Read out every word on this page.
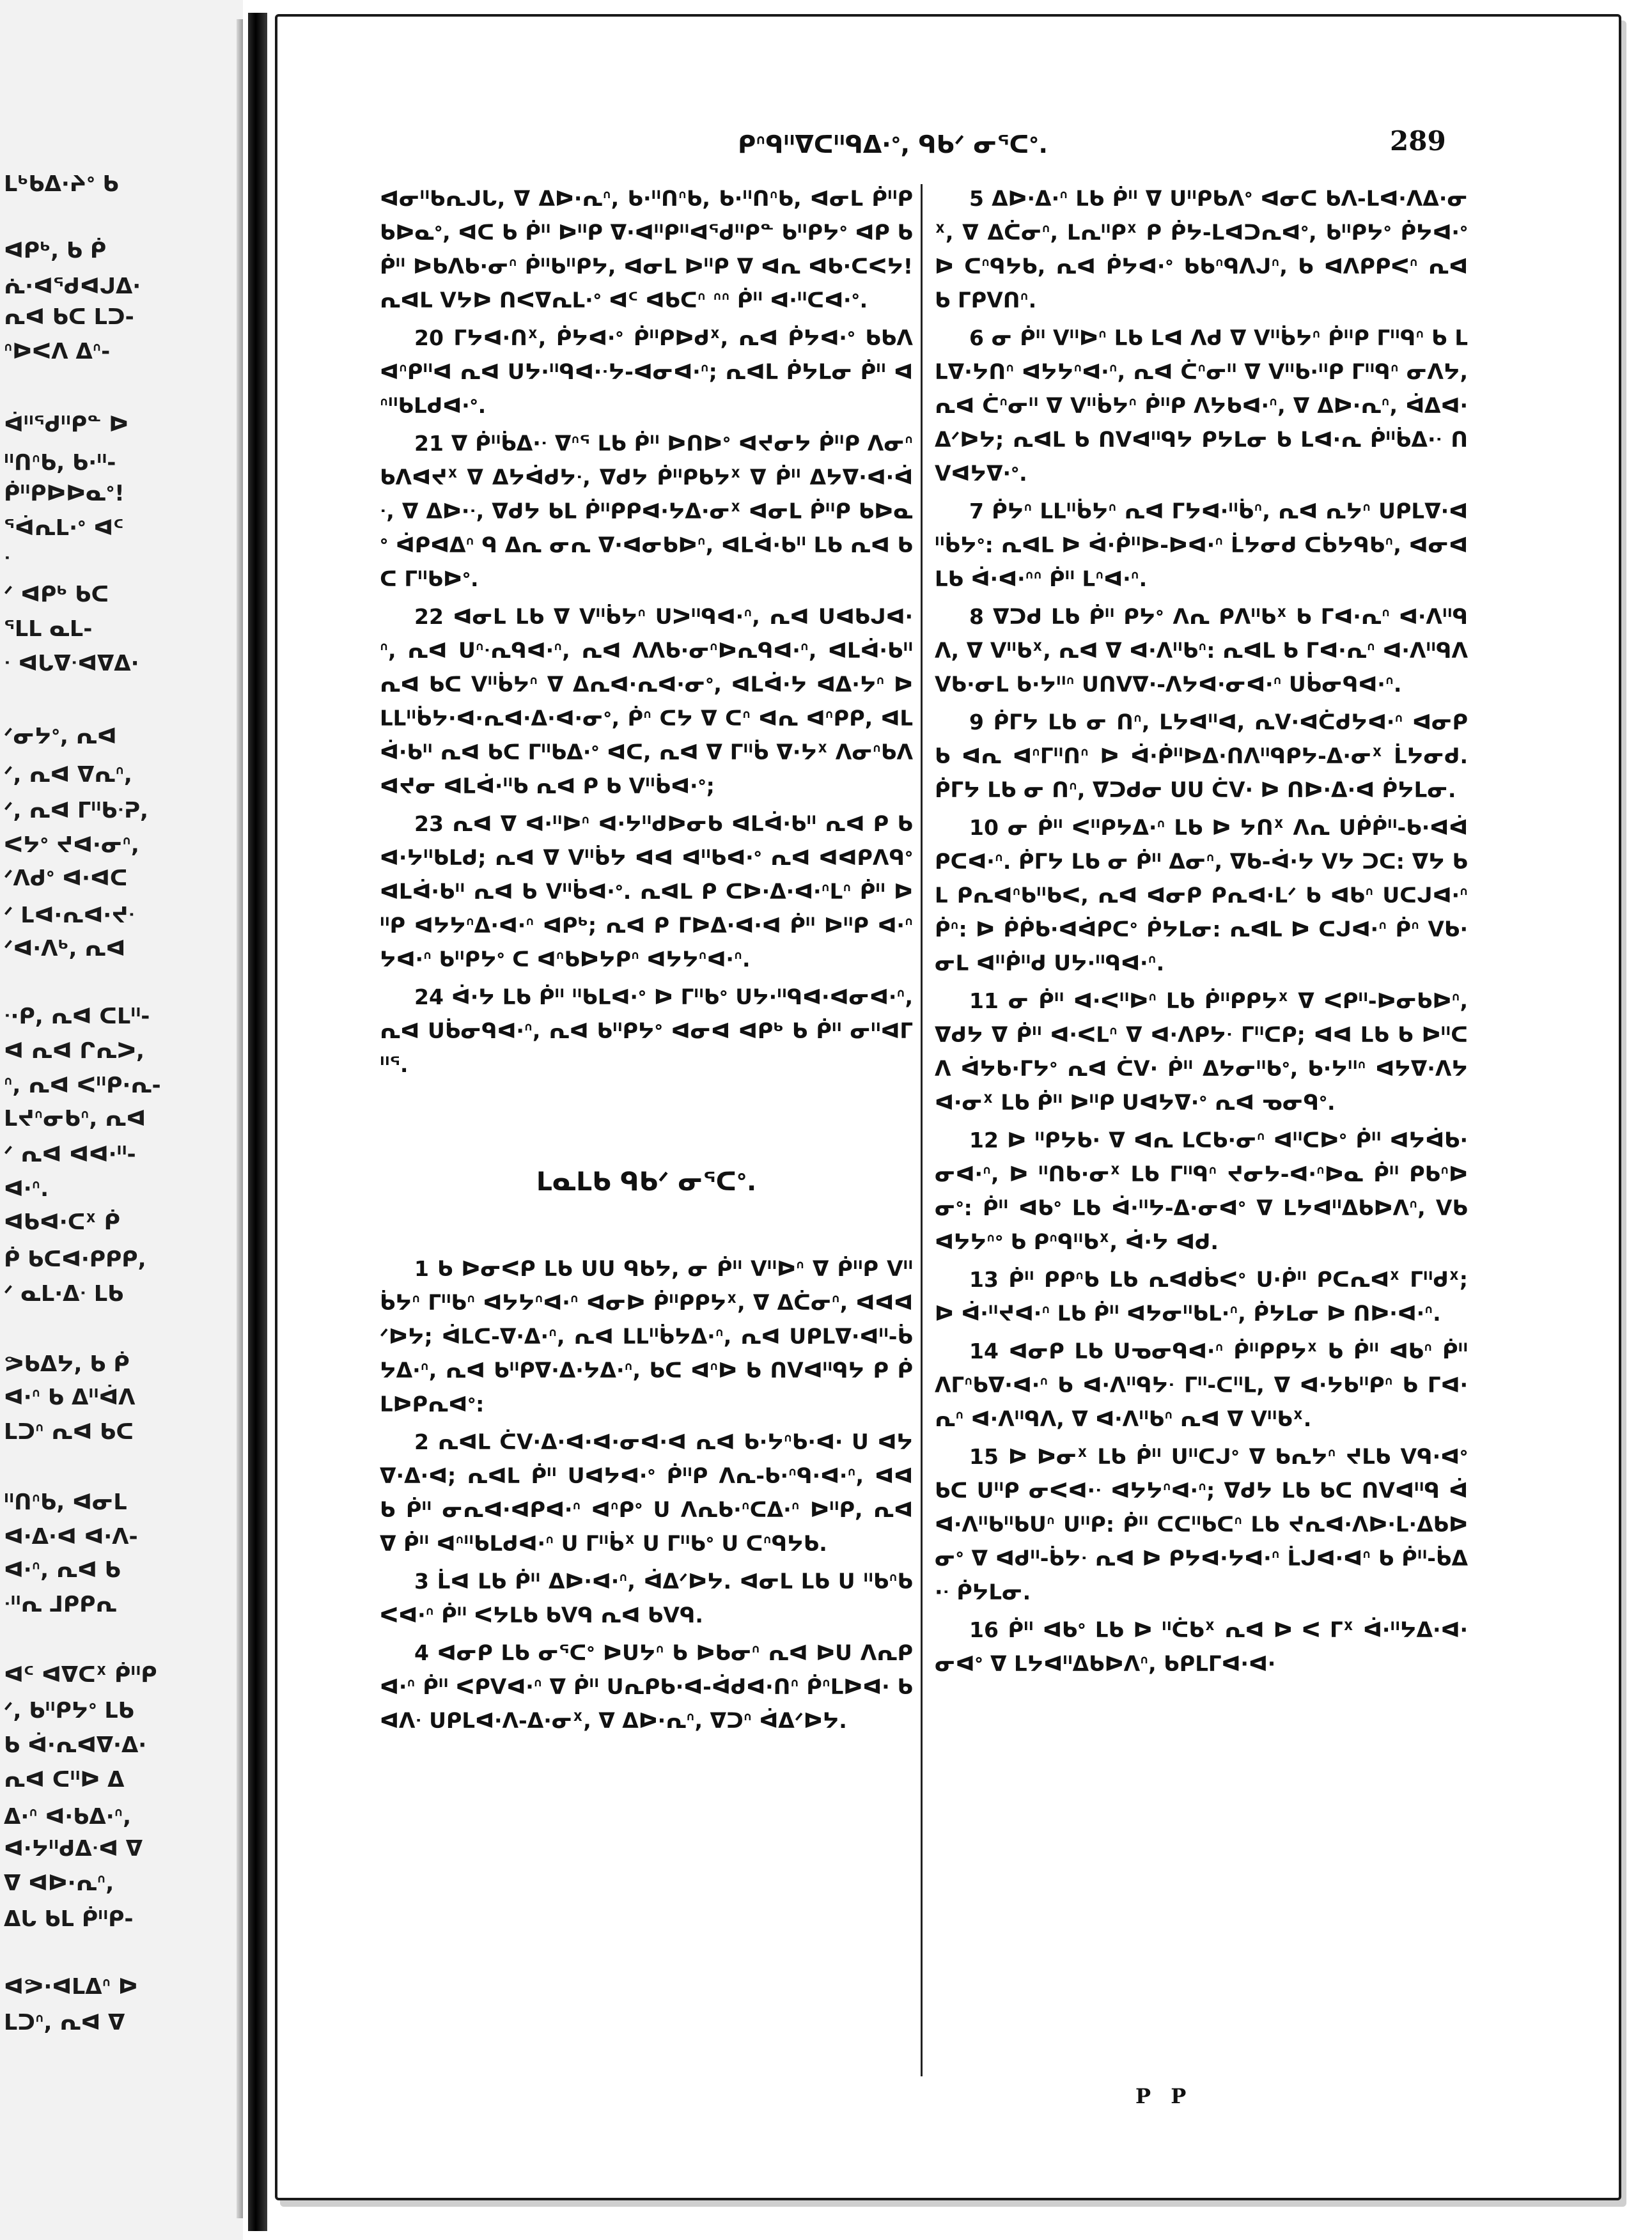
ᒪᒃᑲᐃ·ᔨᐤ ᑲ
ᐊᑭᒃ, ᑲ ᑮ
ᕇ·ᐊᕐᑯᐊᒍᐃ·
ᕆᐊ ᑲᑕ ᒪᑐ-
ᐢᐅᐸᐱ ᐃᐢ-
ᐋᐦᕐᑯᐦᑭᓐ ᐅ
ᐦᑎᐢᑲ, ᑲ·ᐦ-
ᑮᐦᑭᐅᐅᓇᐤ!
ᕐᐋᕆᒪ·ᐤ ᐊᑦ
ᐧ
ᐟ ᐊᑭᒃ ᑲᑕ
ᕐᒪᒪ ᓇᒪ-
ᐧ ᐊᒐᐁᐧᐊᐁᐃ·
ᐟᓂᔭᐤ, ᕆᐊ
ᐟ, ᕆᐊ ᐁᕆᐢ,
ᐟ, ᕆᐊ ᒥᐦᑲᐧᕈ,
ᐸᔭᐤ ᔪᐊ·ᓂᐢ,
ᐟᐱᑯᐤ ᐊ·ᐊᑕ
ᐟ ᒪᐊ·ᕆᐊ·ᔪᐧ
ᐟᐊ·ᐱᒃ, ᕆᐊ
ᐧ·ᑭ, ᕆᐊ ᑕᒪᐦ-
ᐊ ᕆᐊ ᒋᕆᐳ,
ᐢ, ᕆᐊ ᐸᐦᑭ·ᕆ-
ᒪᔪᐢᓂᑲᐢ, ᕆᐊ
ᐟ ᕆᐊ ᐊᐊ·ᐦ-
ᐊ·ᐢ.
ᐊᑲᐊ·ᑕᕽ ᑮ
ᑮ ᑲᑕᐊ·ᑭᑭᑭ,
ᐟ ᓇᒪ·ᐃᐧ ᒪᑲ
ᕗᑲᐃᔭ, ᑲ ᑮ
ᐊ·ᐢ ᑲ ᐃᐦᐋᐱ
ᒪᑐᐢ ᕆᐊ ᑲᑕ
ᐦᑎᐢᑲ, ᐊᓂᒪ
ᐊ·ᐃ·ᐊ ᐊ·ᐱ-
ᐊ·ᐢ, ᕆᐊ ᑲ
ᐧᐦᕆ ᒧᑭᑭᕆ
ᐊᑦ ᐊᐁᑕᕽ ᑮᐦᑭ
ᐟ, ᑲᐦᑭᔭᐤ ᒪᑲ
ᑲ ᐋ·ᕆᐊᐁ·ᐃ·
ᕆᐊ ᑕᐦᐅ ᐃ
ᐃ·ᐢ ᐊ·ᑲᐃ·ᐢ,
ᐊ·ᔭᐦᑯᐃᐧᐊ ᐁ
ᐁ ᐊᐅ·ᕆᐢ,
ᐃᒐ ᑲᒪ ᑮᐦᑭ-
ᐊᕗ·ᐊᒪᐃᐢ ᐅ
ᒪᑐᐢ, ᕆᐊ ᐁ
ᑭᐢᑫᐦᐁᑕᐦᑫᐃ·ᐤ, ᑫᑲᐟ ᓂᕐᑕᐤ.	289

ᐊᓂᐦᑲᕆᒍᒐ, ᐁ ᐃᐅ·ᕆᐢ, ᑲ·ᐦᑎᐢᑲ, ᑲ·ᐦᑎᐢᑲ, ᐊᓂᒪ ᑮᐦᑭ ᑲᐅᓇᐤ, ᐊᑕ ᑲ ᑮᐦ ᐅᐦᑭ ᐁ·ᐊᐦᑭᐦᐊᕐᑯᐦᑭᓐ ᑲᐦᑭᔭᐤ ᐊᑭ ᑲ ᑮᐦ ᐅᑲᐱᑲ·ᓂᐢ ᑮᐦᑲᐦᑭᔭ, ᐊᓂᒪ ᐅᐦᑭ ᐁ ᐊᕆ ᐊᑲ·ᑕᐸᔭ! ᕆᐊᒪ ᐯᔭᐅ ᑎᐸᐁᕆᒪ·ᐤ ᐊᑦ ᐊᑲᑕᐢ ᐢᐢ ᑮᐦ ᐊ·ᐦᑕᐊ·ᐤ.

20 ᒥᔭᐊ·ᑎᕽ, ᑮᔭᐊ·ᐤ ᑮᐦᑭᐅᑯᕽ, ᕆᐊ ᑮᔭᐊ·ᐤ ᑲᑲᐱ ᐊᐢᑭᐦᐊ ᕆᐊ ᑌᔭ·ᐦᑫᐊ·ᐧᔭ-ᐊᓂᐊ·ᐢ; ᕆᐊᒪ ᑮᔭᒪᓂ ᑮᐦ ᐊᐢᐦᑲᒪᑯᐊ·ᐤ.

21 ᐁ ᑮᐦᑳᐃ·ᐧ ᐁᐢᕐ ᒪᑲ ᑮᐦ ᐅᑎᐅᐤ ᐊᔪᓂᔭ ᑮᐦᑭ ᐱᓂᐢᑲᐱᐊᔪᕽ ᐁ ᐃᔭᐋᑯᔭᐧ, ᐁᑯᔭ ᑮᐦᑭᑲᔭᕽ ᐁ ᑮᐦ ᐃᔭᐁ·ᐊ·ᐋᐧ, ᐁ ᐃᐅ·ᐧ, ᐁᑯᔭ ᑲᒪ ᑮᐦᑭᑭᐊ·ᔭᐃ·ᓂᕽ ᐊᓂᒪ ᑮᐦᑭ ᑲᐅᓇᐤ ᐋᑭᐊᐃᐢ ᑫ ᐃᕆ ᓂᕆ ᐁ·ᐊᓂᑲᐅᐢ, ᐊᒪᐋ·ᑲᐦ ᒪᑲ ᕆᐊ ᑲᑕ ᒥᐦᑲᐅᐤ.

22 ᐊᓂᒪ ᒪᑲ ᐁ ᐯᐦᑳᔭᐢ ᑌᐳᐦᑫᐊ·ᐢ, ᕆᐊ ᑌᐊᑲᒍᐊ·ᐢ, ᕆᐊ ᑌᐢᐧᕆᑫᐊ·ᐢ, ᕆᐊ ᐱᐱᑲ·ᓂᐢᐅᕆᑫᐊ·ᐢ, ᐊᒪᐋ·ᑲᐦ ᕆᐊ ᑲᑕ ᐯᐦᑳᔭᐢ ᐁ ᐃᕆᐊ·ᕆᐊ·ᓂᐤ, ᐊᒪᐋ·ᔭ ᐊᐃ·ᔭᐢ ᐅ ᒪᒪᐦᑳᔭ·ᐊ·ᕆᐊ·ᐃ·ᐊ·ᓂᐤ, ᑮᐢ ᑕᔭ ᐁ ᑕᐢ ᐊᕆ ᐊᐢᑭᑭ, ᐊᒪᐋ·ᑲᐦ ᕆᐊ ᑲᑕ ᒥᐦᑲᐃ·ᐤ ᐊᑕ, ᕆᐊ ᐁ ᒥᐦᑳ ᐁ·ᔭᕽ ᐱᓂᐢᑲᐱᐊᔪᓂ ᐊᒪᐋ·ᐦᑲ ᕆᐊ ᑭ ᑲ ᐯᐦᑳᐊ·ᐤ;

23 ᕆᐊ ᐁ ᐊ·ᐦᐅᐢ ᐊ·ᔭᐦᑯᐅᓂᑲ ᐊᒪᐋ·ᑲᐦ ᕆᐊ ᑭ ᑲ ᐊ·ᔭᐦᑲᒪᑯ; ᕆᐊ ᐁ ᐯᐦᑳᔭ ᐊᐊ ᐊᐦᑲᐊ·ᐤ ᕆᐊ ᐊᐊᑭᐱᑫᐤ ᐊᒪᐋ·ᑲᐦ ᕆᐊ ᑲ ᐯᐦᑳᐊ·ᐤ. ᕆᐊᒪ ᑭ ᑕᐅ·ᐃ·ᐊ·ᐢᒪᐢ ᑮᐦ ᐅᐦᑭ ᐊᔭᔭᐢᐃ·ᐊ·ᐢ ᐊᑭᒃ; ᕆᐊ ᑭ ᒥᐅᐃ·ᐊ·ᐊ ᑮᐦ ᐅᐦᑭ ᐊ·ᐢᔭᐊ·ᐢ ᑲᐦᑭᔭᐤ ᑕ ᐊᐢᑲᐅᔭᑭᐢ ᐊᔭᔭᐢᐊ·ᐢ.

24 ᐋ·ᔭ ᒪᑲ ᑮᐦ ᐦᑲᒪᐊ·ᐤ ᐅ ᒥᐦᑲᐤ ᑌᔭ·ᐦᑫᐊ·ᐊᓂᐊ·ᐢ, ᕆᐊ ᑌᑳᓂᑫᐊ·ᐢ, ᕆᐊ ᑲᐦᑭᔭᐤ ᐊᓂᐊ ᐊᑭᒃ ᑲ ᑮᐦ ᓂᐦᐊᒥᐦᕐ.

ᒪᓇᒪᑲ ᑫᑲᐟ ᓂᕐᑕᐤ.

1 ᑲ ᐅᓂᐸᑭ ᒪᑲ ᑌᑌ ᑫᑲᔭ, ᓂ ᑮᐦ ᐯᐦᐅᐢ ᐁ ᑮᐦᑭ ᐯᐦᑳᔭᐢ ᒥᐦᑲᐢ ᐊᔭᔭᐢᐊ·ᐢ ᐊᓂᐅ ᑮᐦᑭᑭᔭᕽ, ᐁ ᐃᑖᓂᐢ, ᐊᐊᐊᐟᐅᔭ; ᐋᒪᑕ-ᐁ·ᐃ·ᐢ, ᕆᐊ ᒪᒪᐦᑳᔭᐃ·ᐢ, ᕆᐊ ᑌᑭᒪᐁ·ᐊᐦ-ᑳᔭᐃ·ᐢ, ᕆᐊ ᑲᐦᑭᐁ·ᐃ·ᔭᐃ·ᐢ, ᑲᑕ ᐊᐢᐅ ᑲ ᑎᐯᐊᐦᑫᔭ ᑭ ᑮᒪᐅᑭᕆᐊᐤ:

2 ᕆᐊᒪ ᑖᐯ·ᐃ·ᐊ·ᐊ·ᓂᐊ·ᐊ ᕆᐊ ᑲ·ᔭᐢᑲ·ᐊ· ᑌ ᐊᔭᐁ·ᐃ·ᐊ; ᕆᐊᒪ ᑮᐦ ᑌᐊᔭᐊ·ᐤ ᑮᐦᑭ ᐱᕆ-ᑲ·ᐢᑫ·ᐊ·ᐢ, ᐊᐊ ᑲ ᑮᐦ ᓂᕆᐊ·ᐊᑭᐊ·ᐢ ᐊᐢᑭᐤ ᑌ ᐱᕆᑲ·ᐢᑕᐃ·ᐢ ᐅᐦᑭ, ᕆᐊ ᐁ ᑮᐦ ᐊᐢᐦᑲᒪᑯᐊ·ᐢ ᑌ ᒥᐦᑳᕽ ᑌ ᒥᐦᑲᐤ ᑌ ᑕᐢᑫᔭᑲ.

3 ᒫᐊ ᒪᑲ ᑮᐦ ᐃᐅ·ᐊ·ᐢ, ᐋᐃᐟᐅᔭ. ᐊᓂᒪ ᒪᑲ ᑌ ᐦᑲᐢᑲᐸᐊ·ᐢ ᑮᐦ ᐸᔭᒪᑲ ᑲᐯᑫ ᕆᐊ ᑲᐯᑫ.

4 ᐊᓂᑭ ᒪᑲ ᓂᕐᑕᐤ ᐅᑌᔭᐢ ᑲ ᐅᑲᓂᐢ ᕆᐊ ᐅᑌ ᐱᕆᑭᐊ·ᐢ ᑮᐦ ᐸᑭᐯᐊ·ᐢ ᐁ ᑮᐦ ᑌᕆᑭᑲ·ᐊ-ᐋᑯᐊ·ᑎᐢ ᑮᐢᒪᐅᐊ· ᑲ ᐊᐱᐧ ᑌᑭᒪᐊ·ᐱ-ᐃ·ᓂᕽ, ᐁ ᐃᐅ·ᕆᐢ, ᐁᑐᐢ ᐋᐃᐟᐅᔭ.

5 ᐃᐅ·ᐃ·ᐢ ᒪᑲ ᑮᐦ ᐁ ᑌᐦᑭᑲᐱᐤ ᐊᓂᑕ ᑲᐱ-ᒪᐊ·ᐱᐃ·ᓂᕽ, ᐁ ᐃᑖᓂᐢ, ᒪᕆᐦᑭᕽ ᑭ ᑮᔭ-ᒪᐊᑐᕆᐊᐤ, ᑲᐦᑭᔭᐤ ᑮᔭᐊ·ᐤ ᐅ ᑕᐢᑫᔭᑲ, ᕆᐊ ᑮᔭᐊ·ᐤ ᑲᑲᐢᑫᐱᒍᐢ, ᑲ ᐊᐱᑭᑭᐸᐢ ᕆᐊ ᑲ ᒥᑭᐯᑎᐢ.

6 ᓂ ᑮᐦ ᐯᐦᐅᐢ ᒪᑲ ᒪᐊ ᐱᑯ ᐁ ᐯᐦᑳᔭᐢ ᑮᐦᑭ ᒥᐦᑫᐢ ᑲ ᒪᒪᐁ·ᔭᑎᐢ ᐊᔭᔭᐢᐊ·ᐢ, ᕆᐊ ᑖᐢᓂᐦ ᐁ ᐯᐦᑲ·ᐦᑭ ᒥᐦᑫᐢ ᓂᐱᔭ, ᕆᐊ ᑖᐢᓂᐦ ᐁ ᐯᐦᑳᔭᐢ ᑮᐦᑭ ᐱᔭᑲᐊ·ᐢ, ᐁ ᐃᐅ·ᕆᐢ, ᐋᐃᐊ·ᐃᐟᐅᔭ; ᕆᐊᒪ ᑲ ᑎᐯᐊᐦᑫᔭ ᑭᔭᒪᓂ ᑲ ᒪᐊ·ᕆ ᑮᐦᑳᐃ·ᐧ ᑎᐯᐊᔭᐁ·ᐤ.

7 ᑮᔭᐢ ᒪᒪᐦᑳᔭᐢ ᕆᐊ ᒥᔭᐊ·ᐦᑳᐢ, ᕆᐊ ᕆᔭᐢ ᑌᑭᒪᐁ·ᐊᐦᑳᔭᐤ: ᕆᐊᒪ ᐅ ᐋ·ᑮᐦᐅ-ᐅᐊ·ᐢ ᒫᔭᓂᑯ ᑕᑳᔭᑫᑲᐢ, ᐊᓂᐊ ᒪᑲ ᐋ·ᐊ·ᐢᐢ ᑮᐦ ᒪᐢᐊ·ᐢ.

8 ᐁᑐᑯ ᒪᑲ ᑮᐦ ᑭᔭᐤ ᐱᕆ ᑭᐱᐦᑲᕽ ᑲ ᒥᐊ·ᕆᐢ ᐊ·ᐱᐦᑫᐱ, ᐁ ᐯᐦᑲᕽ, ᕆᐊ ᐁ ᐊ·ᐱᐦᑲᐢ: ᕆᐊᒪ ᑲ ᒥᐊ·ᕆᐢ ᐊ·ᐱᐦᑫᐱ ᐯᑲ·ᓂᒪ ᑲ·ᔭᐦᐢ ᑌᑎᐯᐁ·-ᐱᔭᐊ·ᓂᐊ·ᐢ ᑌᑳᓂᑫᐊ·ᐢ.

9 ᑮᒥᔭ ᒪᑲ ᓂ ᑎᐢ, ᒪᔭᐊᐦᐊ, ᕆᐯ·ᐊᑖᑯᔭᐊ·ᐢ ᐊᓂᑭ ᑲ ᐊᕆ ᐊᐢᒥᐦᑎᐢ ᐅ ᐋ·ᑮᐦᐅᐃ·ᑎᐱᐦᑫᑭᔭ-ᐃ·ᓂᕽ ᒫᔭᓂᑯ. ᑮᒥᔭ ᒪᑲ ᓂ ᑎᐢ, ᐁᑐᑯᓂ ᑌᑌ ᑖᐯ· ᐅ ᑎᐅ·ᐃ·ᐊ ᑮᔭᒪᓂ.

10 ᓂ ᑮᐦ ᐸᐦᑭᔭᐃ·ᐢ ᒪᑲ ᐅ ᔭᑎᕽ ᐱᕆ ᑌᑮᑮᐦ-ᑲ·ᐊᐋᑭᑕᐊ·ᐢ. ᑮᒥᔭ ᒪᑲ ᓂ ᑮᐦ ᐃᓂᐢ, ᐁᑲ-ᐋ·ᔭ ᐯᔭ ᑐᑕ: ᐁᔭ ᑲᒪ ᑭᕆᐊᐢᑲᐦᑲᐸ, ᕆᐊ ᐊᓂᑭ ᑭᕆᐊ·ᒪᐟ ᑲ ᐊᑲᐢ ᑌᑕᒍᐊ·ᐢ ᑮᐢ: ᐅ ᑮᑮᑲ·ᐊᐋᑭᑕᐤ ᑮᔭᒪᓂ: ᕆᐊᒪ ᐅ ᑕᒍᐊ·ᐢ ᑮᐢ ᐯᑲ·ᓂᒪ ᐊᐦᑮᐦᑯ ᑌᔭ·ᐦᑫᐊ·ᐢ.

11 ᓂ ᑮᐦ ᐊ·ᐸᐦᐅᐢ ᒪᑲ ᑮᐦᑭᑭᔭᕽ ᐁ ᐸᑭᐦ-ᐅᓂᑲᐅᐢ, ᐁᑯᔭ ᐁ ᑮᐦ ᐊ·ᐸᒪᐢ ᐁ ᐊ·ᐱᑭᔭᐧ ᒥᐦᑕᑭ; ᐊᐊ ᒪᑲ ᑲ ᐅᐦᑕᐱ ᐋᔭᑲ·ᒥᔭᐤ ᕆᐊ ᑖᐯ· ᑮᐦ ᐃᔭᓂᐦᑲᐤ, ᑲ·ᔭᐦᐢ ᐊᔭᐁ·ᐱᔭᐊ·ᓂᕽ ᒪᑲ ᑮᐦ ᐅᐦᑭ ᑌᐊᔭᐁ·ᐤ ᕆᐊ ᓀᓂᑫᐤ.

12 ᐅ ᐦᑭᔭᑲ· ᐁ ᐊᕆ ᒪᑕᑲ·ᓂᐢ ᐊᐦᑕᐅᐤ ᑮᐦ ᐊᔭᐋᑲ·ᓂᐊ·ᐢ, ᐅ ᐦᑎᑲ·ᓂᕽ ᒪᑲ ᒥᐦᑫᐢ ᔪᓂᔭ-ᐊ·ᐢᐅᓇ ᑮᐦ ᑭᑲᐢᐅᓂᐤ: ᑮᐦ ᐊᑲᐤ ᒪᑲ ᐋ·ᐦᔭ-ᐃ·ᓂᐊᐤ ᐁ ᒪᔭᐊᐦᐃᑲᐅᐱᐢ, ᐯᑲ ᐊᔭᔭᐢᐤ ᑲ ᑭᐢᑫᐦᑲᕽ, ᐋ·ᔭ ᐊᑯ.

13 ᑮᐦ ᑭᑭᐢᑲ ᒪᑲ ᕆᐊᑯᑳᐸᐤ ᑌ·ᑮᐦ ᑭᑕᕆᐊᕽ ᒥᐦᑯᕽ; ᐅ ᐋ·ᐦᔪᐊ·ᐢ ᒪᑲ ᑮᐦ ᐊᔭᓂᐦᑲᒪ·ᐢ, ᑮᔭᒪᓂ ᐅ ᑎᐅ·ᐊ·ᐢ.

14 ᐊᓂᑭ ᒪᑲ ᑌᓀᓂᑫᐊ·ᐢ ᑮᐦᑭᑭᔭᕽ ᑲ ᑮᐦ ᐊᑲᐢ ᑮᐦ ᐱᒥᐢᑲᐁ·ᐊ·ᐢ ᑲ ᐊ·ᐱᐦᑫᔭᐧ ᒥᐦ-ᑕᐦᒪ, ᐁ ᐊ·ᔭᑲᐦᑭᐢ ᑲ ᒥᐊ·ᕆᐢ ᐊ·ᐱᐦᑫᐱ, ᐁ ᐊ·ᐱᐦᑲᐢ ᕆᐊ ᐁ ᐯᐦᑲᕽ.

15 ᐅ ᐅᓂᕽ ᒪᑲ ᑮᐦ ᑌᐦᑕᒍᐤ ᐁ ᑲᕆᔭᐢ ᔪᒪᑲ ᐯᑫ·ᐊᐤ ᑲᑕ ᑌᐦᑭ ᓂᐸᐊ·ᐧ ᐊᔭᔭᐢᐊ·ᐢ; ᐁᑯᔭ ᒪᑲ ᑲᑕ ᑎᐯᐊᐦᑫ ᐋᐊ·ᐱᐦᑲᐦᑲᑌᐢ ᑌᐦᑭ: ᑮᐦ ᑕᑕᐦᑲᑕᐢ ᒪᑲ ᔪᕆᐊ·ᐱᐅ·ᒪ·ᐃᑲᐅᓂᐤ ᐁ ᐊᑯᐦ-ᑳᔭᐧ ᕆᐊ ᐅ ᑭᔭᐊ·ᔭᐊ·ᐢ ᒫᒍᐊ·ᐊᐢ ᑲ ᑮᐦ-ᑳᐃ·ᐧ ᑮᔭᒪᓂ.

16 ᑮᐦ ᐊᑲᐤ ᒪᑲ ᐅ ᐦᑖᑲᕽ ᕆᐊ ᐅ ᐸ ᒥᕽ ᐋ·ᐦᔭᐃ·ᐊ·ᓂᐊᐤ ᐁ ᒪᔭᐊᐦᐃᑲᐅᐱᐢ, ᑲᑭᒪᒥᐊ·ᐊ·

P P
